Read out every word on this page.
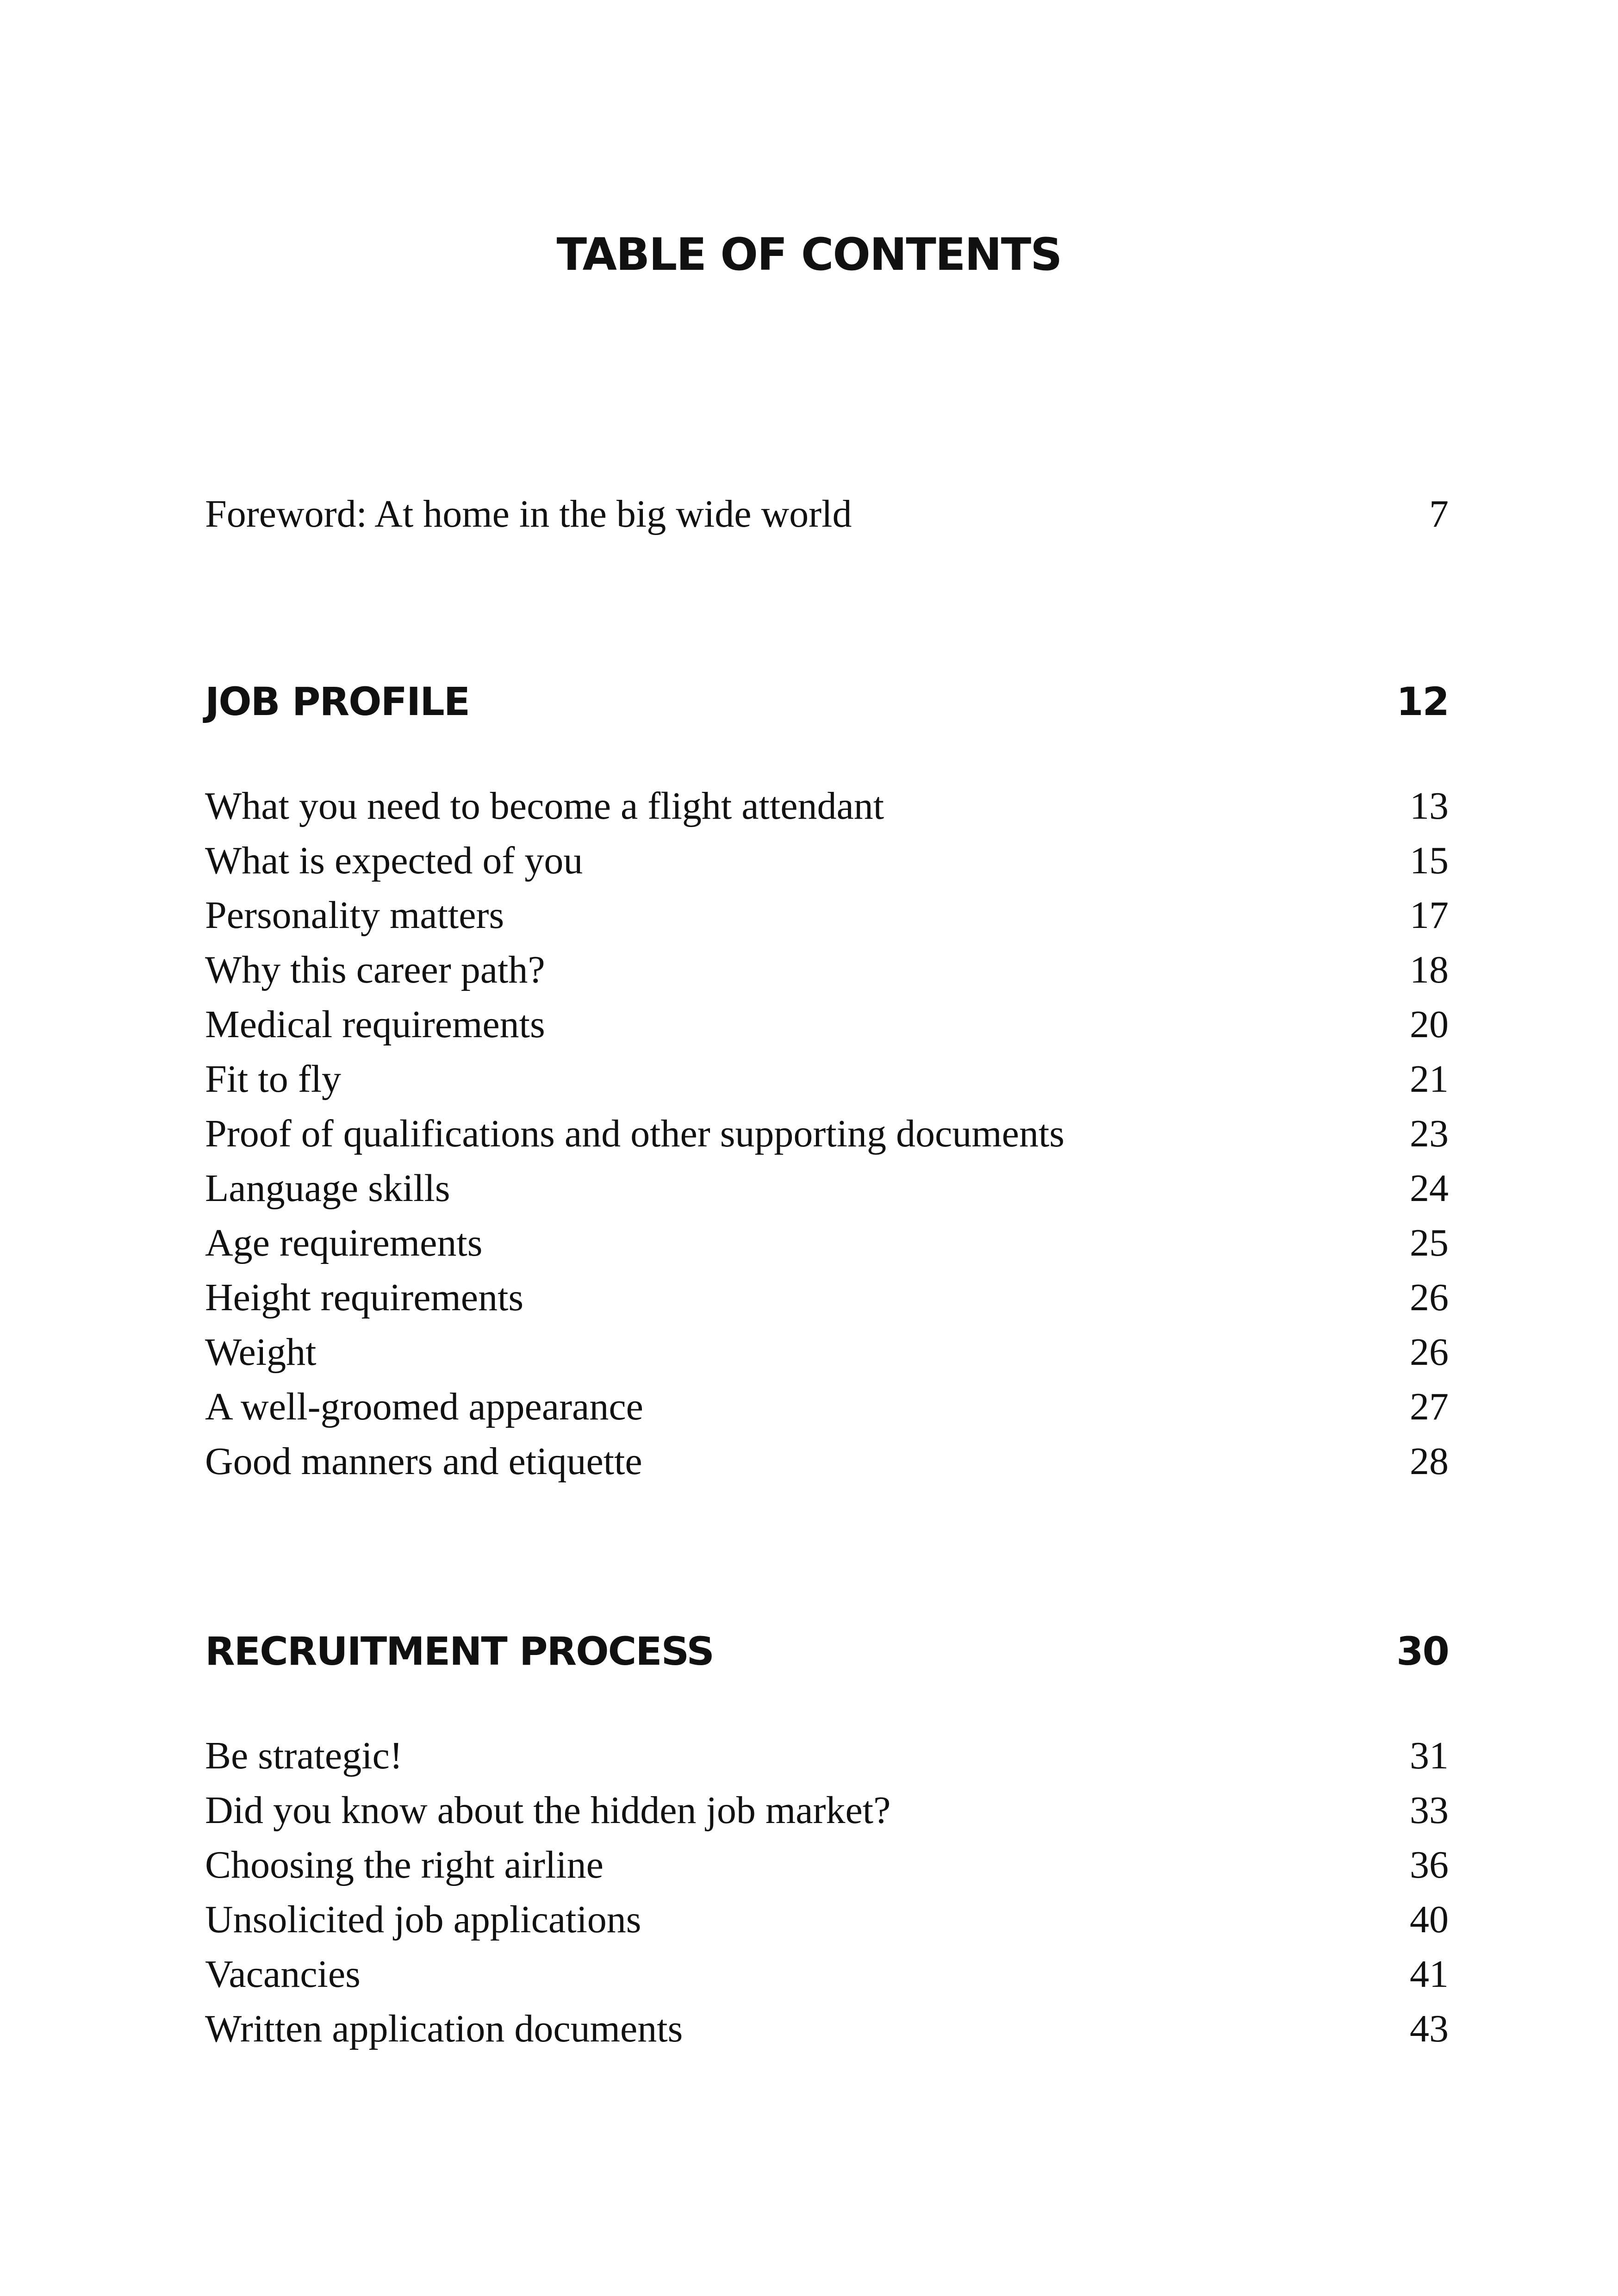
TABLE OF CONTENTS
Foreword: At home in the big wide world	7
JOB PROFILE	12
What you need to become a flight attendant	13
What is expected of you	15
Personality matters	17
Why this career path?	18
Medical requirements	20
Fit to fly	21
Proof of qualifications and other supporting documents	23
Language skills	24
Age requirements	25
Height requirements	26
Weight	26
A well-groomed appearance	27
Good manners and etiquette	28
RECRUITMENT PROCESS	30
Be strategic!	31
Did you know about the hidden job market?	33
Choosing the right airline	36
Unsolicited job applications	40
Vacancies	41
Written application documents	43
